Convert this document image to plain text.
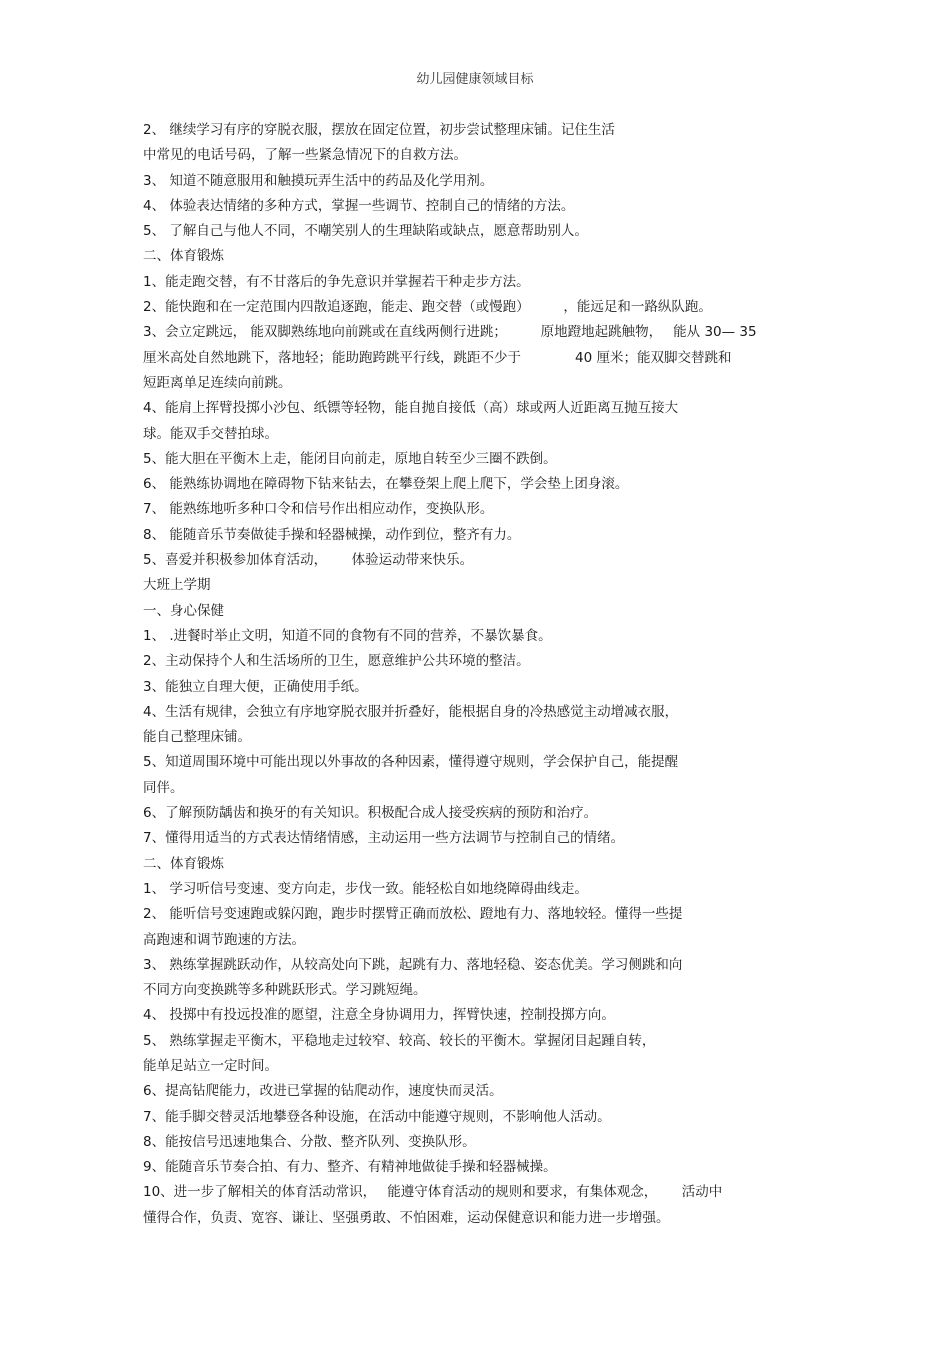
幼儿园健康领域目标

2、 继续学习有序的穿脱衣服，摆放在固定位置，初步尝试整理床铺。记住生活

中常见的电话号码，了解一些紧急情况下的自救方法。

3、 知道不随意服用和触摸玩弄生活中的药品及化学用剂。

4、 体验表达情绪的多种方式，掌握一些调节、控制自己的情绪的方法。

5、 了解自己与他人不同，不嘲笑别人的生理缺陷或缺点，愿意帮助别人。

二、体育锻炼

1、能走跑交替，有不甘落后的争先意识并掌握若干种走步方法。

2、能快跑和在一定范围内四散追逐跑，能走、跑交替（或慢跑）　　　，能远足和一路纵队跑。

3、会立定跳远， 能双脚熟练地向前跳或在直线两侧行进跳；　　　原地蹬地起跳触物，　 能从 30— 35

厘米高处自然地跳下，落地轻；能助跑跨跳平行线，跳距不少于　　　　40 厘米；能双脚交替跳和

短距离单足连续向前跳。

4、能肩上挥臂投掷小沙包、纸镖等轻物，能自抛自接低（高）球或两人近距离互抛互接大

球。能双手交替拍球。

5、能大胆在平衡木上走，能闭目向前走，原地自转至少三圈不跌倒。

6、 能熟练协调地在障碍物下钻来钻去，在攀登架上爬上爬下，学会垫上团身滚。

7、 能熟练地听多种口令和信号作出相应动作，变换队形。

8、 能随音乐节奏做徒手操和轻器械操，动作到位，整齐有力。

5、喜爱并积极参加体育活动，　　 体验运动带来快乐。

大班上学期

一、身心保健

1、 .进餐时举止文明，知道不同的食物有不同的营养，不暴饮暴食。

2、主动保持个人和生活场所的卫生，愿意维护公共环境的整洁。

3、能独立自理大便，正确使用手纸。

4、生活有规律，会独立有序地穿脱衣服并折叠好，能根据自身的冷热感觉主动增减衣服，

能自己整理床铺。

5、知道周围环境中可能出现以外事故的各种因素，懂得遵守规则，学会保护自己，能提醒

同伴。

6、了解预防龋齿和换牙的有关知识。积极配合成人接受疾病的预防和治疗。

7、懂得用适当的方式表达情绪情感，主动运用一些方法调节与控制自己的情绪。

二、体育锻炼

1、 学习听信号变速、变方向走，步伐一致。能轻松自如地绕障碍曲线走。

2、 能听信号变速跑或躲闪跑，跑步时摆臂正确而放松、蹬地有力、落地较轻。懂得一些提

高跑速和调节跑速的方法。

3、 熟练掌握跳跃动作，从较高处向下跳，起跳有力、落地轻稳、姿态优美。学习侧跳和向

不同方向变换跳等多种跳跃形式。学习跳短绳。

4、 投掷中有投远投准的愿望，注意全身协调用力，挥臂快速，控制投掷方向。

5、 熟练掌握走平衡木，平稳地走过较窄、较高、较长的平衡木。掌握闭目起踵自转，

能单足站立一定时间。

6、提高钻爬能力，改进已掌握的钻爬动作，速度快而灵活。

7、能手脚交替灵活地攀登各种设施，在活动中能遵守规则，不影响他人活动。

8、能按信号迅速地集合、分散、整齐队列、变换队形。

9、能随音乐节奏合拍、有力、整齐、有精神地做徒手操和轻器械操。

10、进一步了解相关的体育活动常识，　 能遵守体育活动的规则和要求，有集体观念，　　 活动中

懂得合作，负责、宽容、谦让、坚强勇敢、不怕困难，运动保健意识和能力进一步增强。
